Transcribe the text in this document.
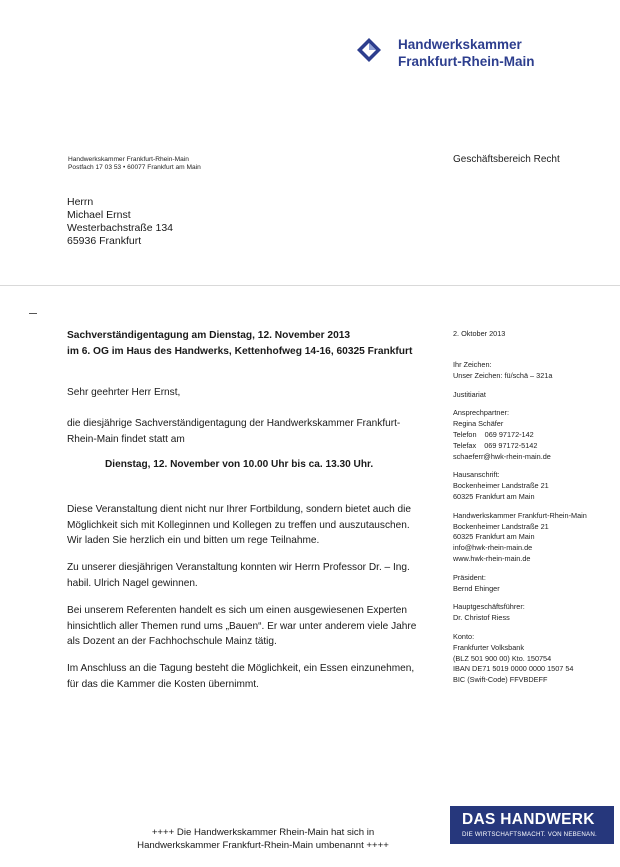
Handwerkskammer
Frankfurt-Rhein-Main
Handwerkskammer Frankfurt-Rhein-Main
Postfach 17 03 53 • 60077 Frankfurt am Main
Geschäftsbereich Recht
Herrn
Michael Ernst
Westerbachstraße 134
65936 Frankfurt
Sachverständigentagung am Dienstag, 12. November 2013
im 6. OG im Haus des Handwerks, Kettenhofweg 14-16, 60325 Frankfurt
Sehr geehrter Herr Ernst,
die diesjährige Sachverständigentagung der Handwerkskammer Frankfurt-
Rhein-Main findet statt am
Dienstag, 12. November von 10.00 Uhr bis ca. 13.30 Uhr.
Diese Veranstaltung dient nicht nur Ihrer Fortbildung, sondern bietet auch die
Möglichkeit sich mit Kolleginnen und Kollegen zu treffen und auszutauschen.
Wir laden Sie herzlich ein und bitten um rege Teilnahme.
Zu unserer diesjährigen Veranstaltung konnten wir Herrn Professor Dr. – Ing.
habil. Ulrich Nagel gewinnen.
Bei unserem Referenten handelt es sich um einen ausgewiesenen Experten
hinsichtlich aller Themen rund ums „Bauen“. Er war unter anderem viele Jahre
als Dozent an der Fachhochschule Mainz tätig.
Im Anschluss an die Tagung besteht die Möglichkeit, ein Essen einzunehmen,
für das die Kammer die Kosten übernimmt.
2. Oktober 2013
Ihr Zeichen:
Unser Zeichen: fü/schä – 321a
Justitiariat
Ansprechpartner:
Regina Schäfer
Telefon    069 97172-142
Telefax    069 97172-5142
schaeferr@hwk-rhein-main.de
Hausanschrift:
Bockenheimer Landstraße 21
60325 Frankfurt am Main
Handwerkskammer Frankfurt-Rhein-Main
Bockenheimer Landstraße 21
60325 Frankfurt am Main
info@hwk-rhein-main.de
www.hwk-rhein-main.de
Präsident:
Bernd Ehinger
Hauptgeschäftsführer:
Dr. Christof Riess
Konto:
Frankfurter Volksbank
(BLZ 501 900 00) Kto. 150754
IBAN DE71 5019 0000 0000 1507 54
BIC (Swift-Code) FFVBDEFF
++++ Die Handwerkskammer Rhein-Main hat sich in
Handwerkskammer Frankfurt-Rhein-Main umbenannt ++++
DAS HANDWERK
DIE WIRTSCHAFTSMACHT. VON NEBENAN.
